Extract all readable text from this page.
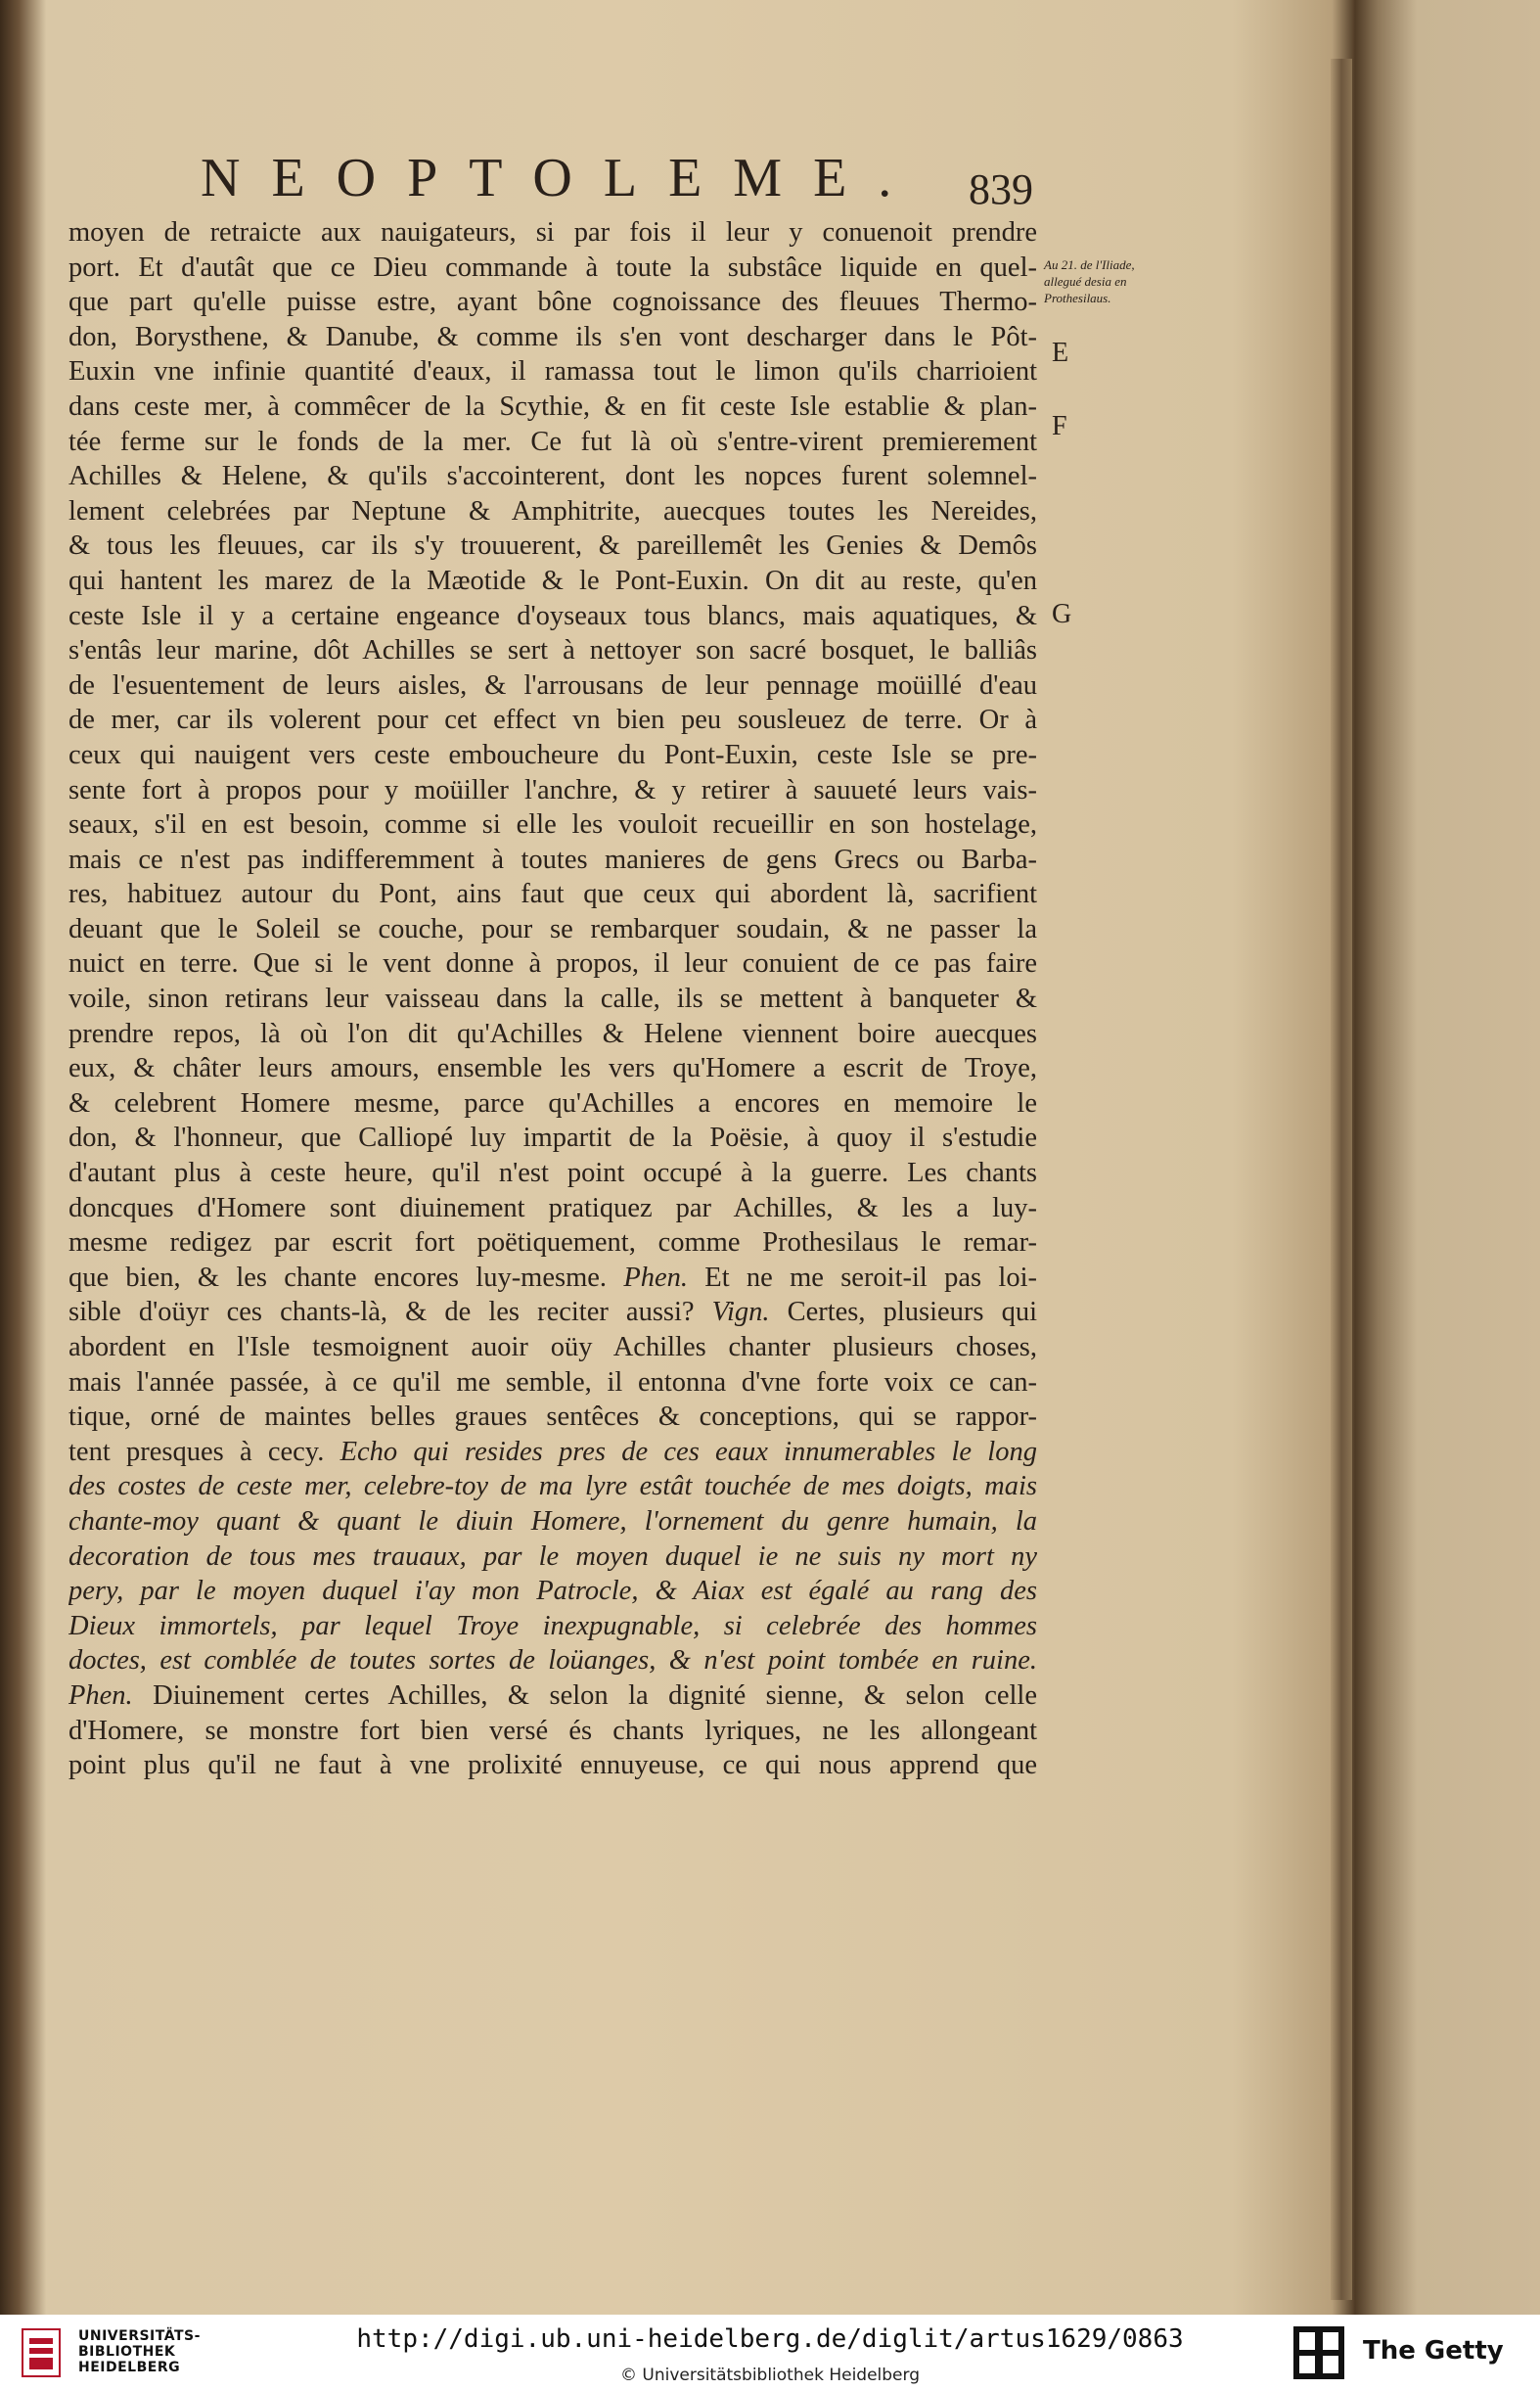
NEOPTOLEME.	839
moyen de retraicte aux nauigateurs, si par fois il leur y conuenoit prendre
port. Et d'autât que ce Dieu commande à toute la substâce liquide en quel-
que part qu'elle puisse estre, ayant bône cognoissance des fleuues Thermo-
don, Borysthene, & Danube, & comme ils s'en vont descharger dans le Pôt-
Euxin vne infinie quantité d'eaux, il ramassa tout le limon qu'ils charrioient
dans ceste mer, à commêcer de la Scythie, & en fit ceste Isle establie & plan-
tée ferme sur le fonds de la mer. Ce fut là où s'entre-virent premierement
Achilles & Helene, & qu'ils s'accointerent, dont les nopces furent solemnel-
lement celebrées par Neptune & Amphitrite, auecques toutes les Nereides,
& tous les fleuues, car ils s'y trouuerent, & pareillemêt les Genies & Demôs
qui hantent les marez de la Mæotide & le Pont-Euxin. On dit au reste, qu'en
ceste Isle il y a certaine engeance d'oyseaux tous blancs, mais aquatiques, &
s'entâs leur marine, dôt Achilles se sert à nettoyer son sacré bosquet, le balliâs
de l'esuentement de leurs aisles, & l'arrousans de leur pennage moüillé d'eau
de mer, car ils volerent pour cet effect vn bien peu sousleuez de terre. Or à
ceux qui nauigent vers ceste emboucheure du Pont-Euxin, ceste Isle se pre-
sente fort à propos pour y moüiller l'anchre, & y retirer à sauueté leurs vais-
seaux, s'il en est besoin, comme si elle les vouloit recueillir en son hostelage,
mais ce n'est pas indifferemment à toutes manieres de gens Grecs ou Barba-
res, habituez autour du Pont, ains faut que ceux qui abordent là, sacrifient
deuant que le Soleil se couche, pour se rembarquer soudain, & ne passer la
nuict en terre. Que si le vent donne à propos, il leur conuient de ce pas faire
voile, sinon retirans leur vaisseau dans la calle, ils se mettent à banqueter &
prendre repos, là où l'on dit qu'Achilles & Helene viennent boire auecques
eux, & châter leurs amours, ensemble les vers qu'Homere a escrit de Troye,
& celebrent Homere mesme, parce qu'Achilles a encores en memoire le
don, & l'honneur, que Calliopé luy impartit de la Poësie, à quoy il s'estudie
d'autant plus à ceste heure, qu'il n'est point occupé à la guerre. Les chants
doncques d'Homere sont diuinement pratiquez par Achilles, & les a luy-
mesme redigez par escrit fort poëtiquement, comme Prothesilaus le remar-
que bien, & les chante encores luy-mesme. Phen. Et ne me seroit-il pas loi-
sible d'oüyr ces chants-là, & de les reciter aussi? Vign. Certes, plusieurs qui
abordent en l'Isle tesmoignent auoir oüy Achilles chanter plusieurs choses,
mais l'année passée, à ce qu'il me semble, il entonna d'vne forte voix ce can-
tique, orné de maintes belles graues sentêces & conceptions, qui se rappor-
tent presques à cecy. Echo qui resides pres de ces eaux innumerables le long
des costes de ceste mer, celebre-toy de ma lyre estât touchée de mes doigts, mais
chante-moy quant & quant le diuin Homere, l'ornement du genre humain, la
decoration de tous mes trauaux, par le moyen duquel ie ne suis ny mort ny
pery, par le moyen duquel i'ay mon Patrocle, & Aiax est égalé au rang des
Dieux immortels, par lequel Troye inexpugnable, si celebrée des hommes
doctes, est comblée de toutes sortes de loüanges, & n'est point tombée en ruine.
Phen. Diuinement certes Achilles, & selon la dignité sienne, & selon celle
d'Homere, se monstre fort bien versé és chants lyriques, ne les allongeant
point plus qu'il ne faut à vne prolixité ennuyeuse, ce qui nous apprend que
Au 21. de l'Iliade, allegué desia en Prothesilaus.
E
F
G
UNIVERSITÄTS-
BIBLIOTHEK
HEIDELBERG
http://digi.ub.uni-heidelberg.de/diglit/artus1629/0863
© Universitätsbibliothek Heidelberg
The Getty
